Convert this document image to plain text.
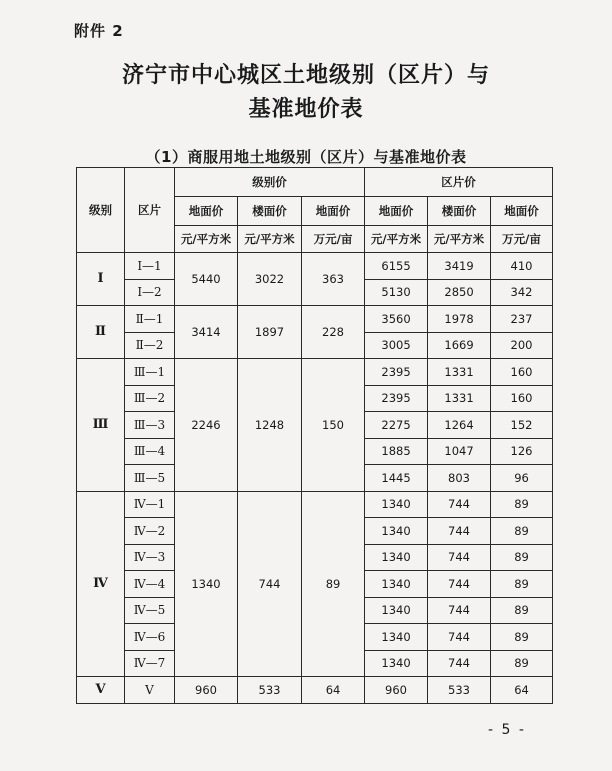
附件 2
济宁市中心城区土地级别（区片）与
基准地价表
（1）商服用地土地级别（区片）与基准地价表
级别	区片	级别价			区片价		
		地面价	楼面价	地面价	地面价	楼面价	地面价
		元/平方米	元/平方米	万元/亩	元/平方米	元/平方米	万元/亩
Ⅰ	Ⅰ—1	5440	3022	363	6155	3419	410
	Ⅰ—2				5130	2850	342
Ⅱ	Ⅱ—1	3414	1897	228	3560	1978	237
	Ⅱ—2				3005	1669	200
Ⅲ	Ⅲ—1	2246	1248	150	2395	1331	160
	Ⅲ—2				2395	1331	160
	Ⅲ—3				2275	1264	152
	Ⅲ—4				1885	1047	126
	Ⅲ—5				1445	803	96
Ⅳ	Ⅳ—1	1340	744	89	1340	744	89
	Ⅳ—2				1340	744	89
	Ⅳ—3				1340	744	89
	Ⅳ—4				1340	744	89
	Ⅳ—5				1340	744	89
	Ⅳ—6				1340	744	89
	Ⅳ—7				1340	744	89
Ⅴ	Ⅴ	960	533	64	960	533	64
- 5 -
